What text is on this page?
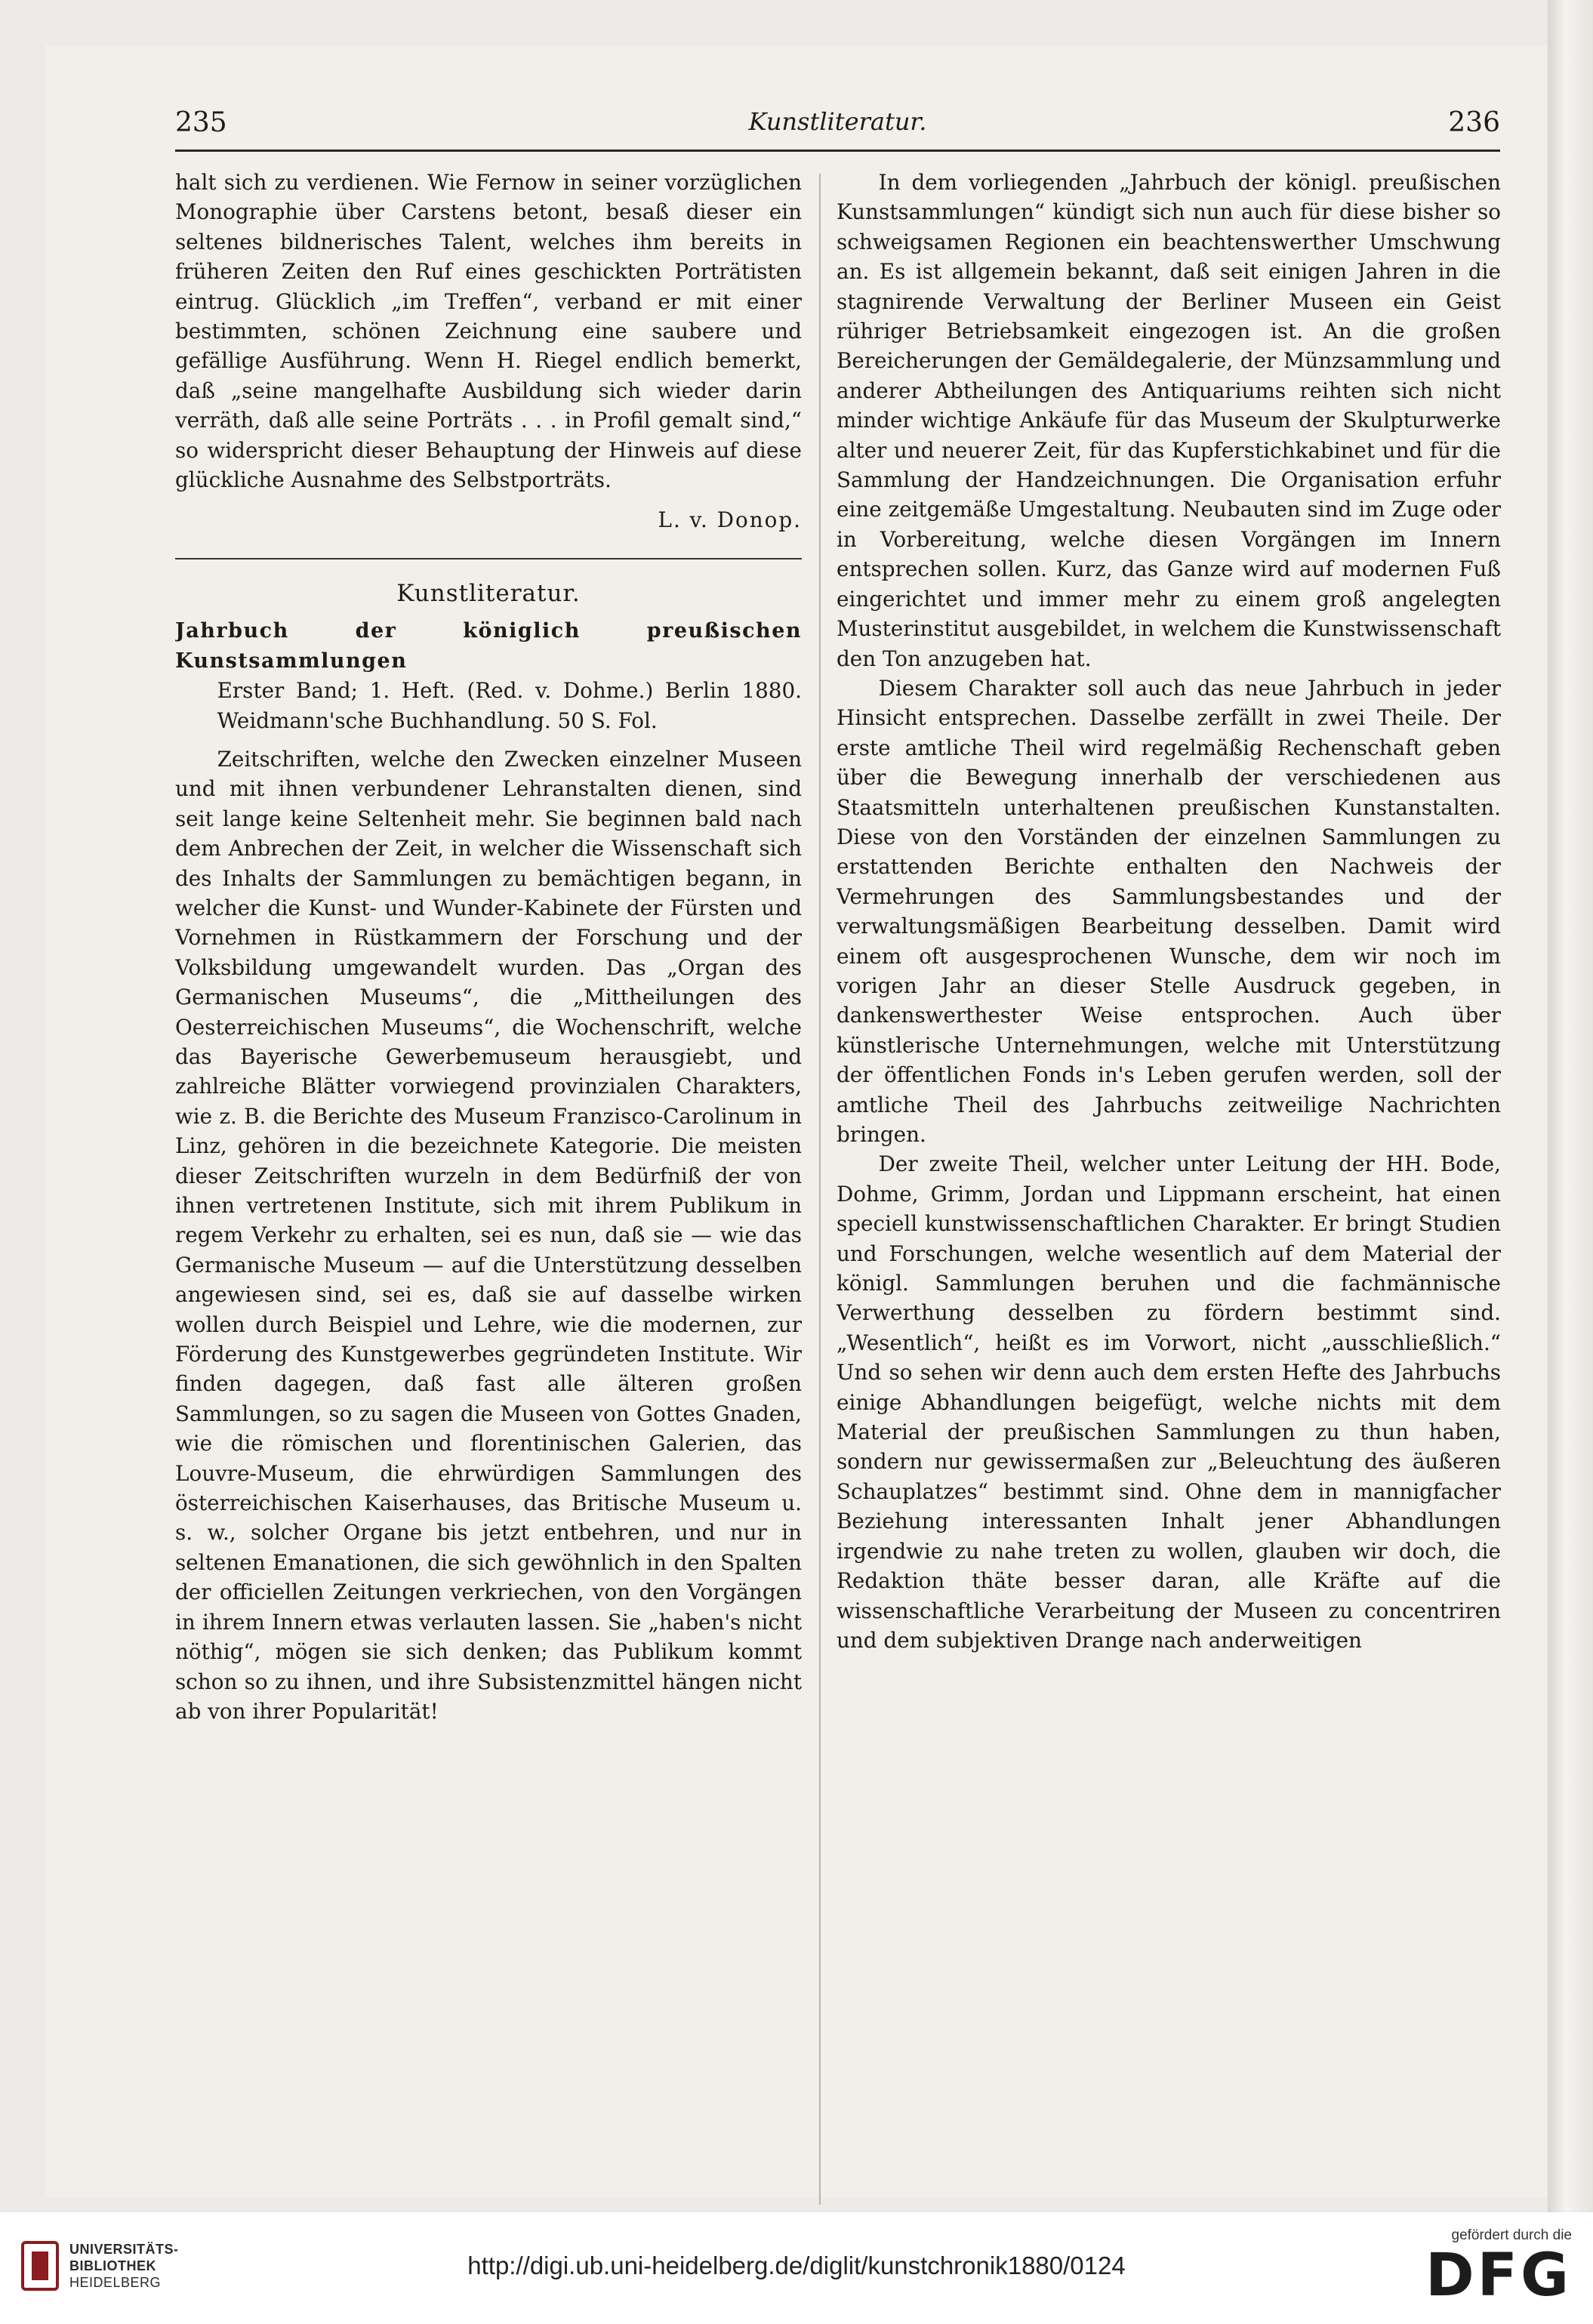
235	Kunstliteratur.	236

halt sich zu verdienen. Wie Fernow in seiner vorzüglichen Monographie über Carstens betont, besaß dieser ein seltenes bildnerisches Talent, welches ihm bereits in früheren Zeiten den Ruf eines geschickten Porträtisten eintrug. Glücklich „im Treffen“, verband er mit einer bestimmten, schönen Zeichnung eine saubere und gefällige Ausführung. Wenn H. Riegel endlich bemerkt, daß „seine mangelhafte Ausbildung sich wieder darin verräth, daß alle seine Porträts . . . in Profil gemalt sind,“ so widerspricht dieser Behauptung der Hinweis auf diese glückliche Ausnahme des Selbstporträts.

L. v. Donop.

Kunstliteratur.

Jahrbuch der königlich preußischen Kunstsammlungen

Erster Band; 1. Heft. (Red. v. Dohme.) Berlin 1880. Weidmann'sche Buchhandlung. 50 S. Fol.

Zeitschriften, welche den Zwecken einzelner Museen und mit ihnen verbundener Lehranstalten dienen, sind seit lange keine Seltenheit mehr. Sie beginnen bald nach dem Anbrechen der Zeit, in welcher die Wissenschaft sich des Inhalts der Sammlungen zu bemächtigen begann, in welcher die Kunst- und Wunder-Kabinete der Fürsten und Vornehmen in Rüstkammern der Forschung und der Volksbildung umgewandelt wurden. Das „Organ des Germanischen Museums“, die „Mittheilungen des Oesterreichischen Museums“, die Wochenschrift, welche das Bayerische Gewerbemuseum herausgiebt, und zahlreiche Blätter vorwiegend provinzialen Charakters, wie z. B. die Berichte des Museum Franzisco-Carolinum in Linz, gehören in die bezeichnete Kategorie. Die meisten dieser Zeitschriften wurzeln in dem Bedürfniß der von ihnen vertretenen Institute, sich mit ihrem Publikum in regem Verkehr zu erhalten, sei es nun, daß sie — wie das Germanische Museum — auf die Unterstützung desselben angewiesen sind, sei es, daß sie auf dasselbe wirken wollen durch Beispiel und Lehre, wie die modernen, zur Förderung des Kunstgewerbes gegründeten Institute. Wir finden dagegen, daß fast alle älteren großen Sammlungen, so zu sagen die Museen von Gottes Gnaden, wie die römischen und florentinischen Galerien, das Louvre-Museum, die ehrwürdigen Sammlungen des österreichischen Kaiserhauses, das Britische Museum u. s. w., solcher Organe bis jetzt entbehren, und nur in seltenen Emanationen, die sich gewöhnlich in den Spalten der officiellen Zeitungen verkriechen, von den Vorgängen in ihrem Innern etwas verlauten lassen. Sie „haben's nicht nöthig“, mögen sie sich denken; das Publikum kommt schon so zu ihnen, und ihre Subsistenzmittel hängen nicht ab von ihrer Popularität!

In dem vorliegenden „Jahrbuch der königl. preußischen Kunstsammlungen“ kündigt sich nun auch für diese bisher so schweigsamen Regionen ein beachtenswerther Umschwung an. Es ist allgemein bekannt, daß seit einigen Jahren in die stagnirende Verwaltung der Berliner Museen ein Geist rühriger Betriebsamkeit eingezogen ist. An die großen Bereicherungen der Gemäldegalerie, der Münzsammlung und anderer Abtheilungen des Antiquariums reihten sich nicht minder wichtige Ankäufe für das Museum der Skulpturwerke alter und neuerer Zeit, für das Kupferstichkabinet und für die Sammlung der Handzeichnungen. Die Organisation erfuhr eine zeitgemäße Umgestaltung. Neubauten sind im Zuge oder in Vorbereitung, welche diesen Vorgängen im Innern entsprechen sollen. Kurz, das Ganze wird auf modernen Fuß eingerichtet und immer mehr zu einem groß angelegten Musterinstitut ausgebildet, in welchem die Kunstwissenschaft den Ton anzugeben hat.

Diesem Charakter soll auch das neue Jahrbuch in jeder Hinsicht entsprechen. Dasselbe zerfällt in zwei Theile. Der erste amtliche Theil wird regelmäßig Rechenschaft geben über die Bewegung innerhalb der verschiedenen aus Staatsmitteln unterhaltenen preußischen Kunstanstalten. Diese von den Vorständen der einzelnen Sammlungen zu erstattenden Berichte enthalten den Nachweis der Vermehrungen des Sammlungsbestandes und der verwaltungsmäßigen Bearbeitung desselben. Damit wird einem oft ausgesprochenen Wunsche, dem wir noch im vorigen Jahr an dieser Stelle Ausdruck gegeben, in dankenswerthester Weise entsprochen. Auch über künstlerische Unternehmungen, welche mit Unterstützung der öffentlichen Fonds in's Leben gerufen werden, soll der amtliche Theil des Jahrbuchs zeitweilige Nachrichten bringen.

Der zweite Theil, welcher unter Leitung der HH. Bode, Dohme, Grimm, Jordan und Lippmann erscheint, hat einen speciell kunstwissenschaftlichen Charakter. Er bringt Studien und Forschungen, welche wesentlich auf dem Material der königl. Sammlungen beruhen und die fachmännische Verwerthung desselben zu fördern bestimmt sind. „Wesentlich“, heißt es im Vorwort, nicht „ausschließlich.“ Und so sehen wir denn auch dem ersten Hefte des Jahrbuchs einige Abhandlungen beigefügt, welche nichts mit dem Material der preußischen Sammlungen zu thun haben, sondern nur gewissermaßen zur „Beleuchtung des äußeren Schauplatzes“ bestimmt sind. Ohne dem in mannigfacher Beziehung interessanten Inhalt jener Abhandlungen irgendwie zu nahe treten zu wollen, glauben wir doch, die Redaktion thäte besser daran, alle Kräfte auf die wissenschaftliche Verarbeitung der Museen zu concentriren und dem subjektiven Drange nach anderweitigen

UNIVERSITÄTS-
BIBLIOTHEK
HEIDELBERG
http://digi.ub.uni-heidelberg.de/diglit/kunstchronik1880/0124
gefördert durch die
DFG
